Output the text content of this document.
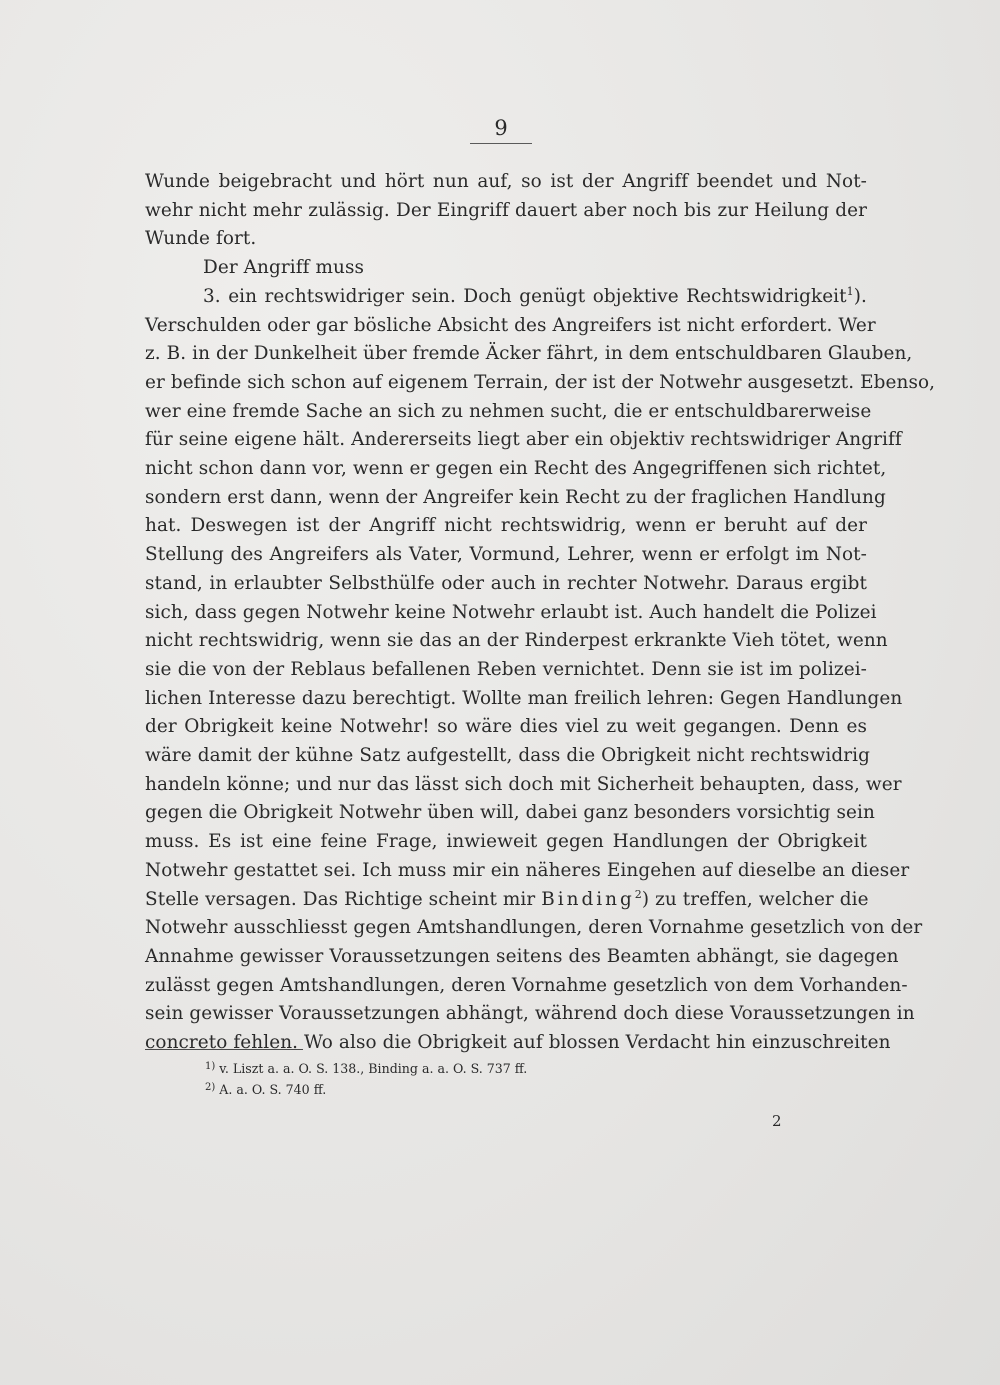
9
Wunde beigebracht und hört nun auf, so ist der Angriff beendet und Not-
wehr nicht mehr zulässig. Der Eingriff dauert aber noch bis zur Heilung der
Wunde fort.
Der Angriff muss
3. ein rechtswidriger sein. Doch genügt objektive Rechtswidrigkeit$^1$).
Verschulden oder gar bösliche Absicht des Angreifers ist nicht erfordert. Wer
z. B. in der Dunkelheit über fremde Äcker fährt, in dem entschuldbaren Glauben,
er befinde sich schon auf eigenem Terrain, der ist der Notwehr ausgesetzt. Ebenso,
wer eine fremde Sache an sich zu nehmen sucht, die er entschuldbarerweise
für seine eigene hält. Andererseits liegt aber ein objektiv rechtswidriger Angriff
nicht schon dann vor, wenn er gegen ein Recht des Angegriffenen sich richtet,
sondern erst dann, wenn der Angreifer kein Recht zu der fraglichen Handlung
hat. Deswegen ist der Angriff nicht rechtswidrig, wenn er beruht auf der
Stellung des Angreifers als Vater, Vormund, Lehrer, wenn er erfolgt im Not-
stand, in erlaubter Selbsthülfe oder auch in rechter Notwehr. Daraus ergibt
sich, dass gegen Notwehr keine Notwehr erlaubt ist. Auch handelt die Polizei
nicht rechtswidrig, wenn sie das an der Rinderpest erkrankte Vieh tötet, wenn
sie die von der Reblaus befallenen Reben vernichtet. Denn sie ist im polizei-
lichen Interesse dazu berechtigt. Wollte man freilich lehren: Gegen Handlungen
der Obrigkeit keine Notwehr! so wäre dies viel zu weit gegangen. Denn es
wäre damit der kühne Satz aufgestellt, dass die Obrigkeit nicht rechtswidrig
handeln könne; und nur das lässt sich doch mit Sicherheit behaupten, dass, wer
gegen die Obrigkeit Notwehr üben will, dabei ganz besonders vorsichtig sein
muss. Es ist eine feine Frage, inwieweit gegen Handlungen der Obrigkeit
Notwehr gestattet sei. Ich muss mir ein näheres Eingehen auf dieselbe an dieser
Stelle versagen. Das Richtige scheint mir Binding$^2$) zu treffen, welcher die
Notwehr ausschliesst gegen Amtshandlungen, deren Vornahme gesetzlich von der
Annahme gewisser Voraussetzungen seitens des Beamten abhängt, sie dagegen
zulässt gegen Amtshandlungen, deren Vornahme gesetzlich von dem Vorhanden-
sein gewisser Voraussetzungen abhängt, während doch diese Voraussetzungen in
concreto fehlen. Wo also die Obrigkeit auf blossen Verdacht hin einzuschreiten
$^{1)}$ v. Liszt a. a. O. S. 138., Binding a. a. O. S. 737 ff.
$^{2)}$ A. a. O. S. 740 ff.
2
